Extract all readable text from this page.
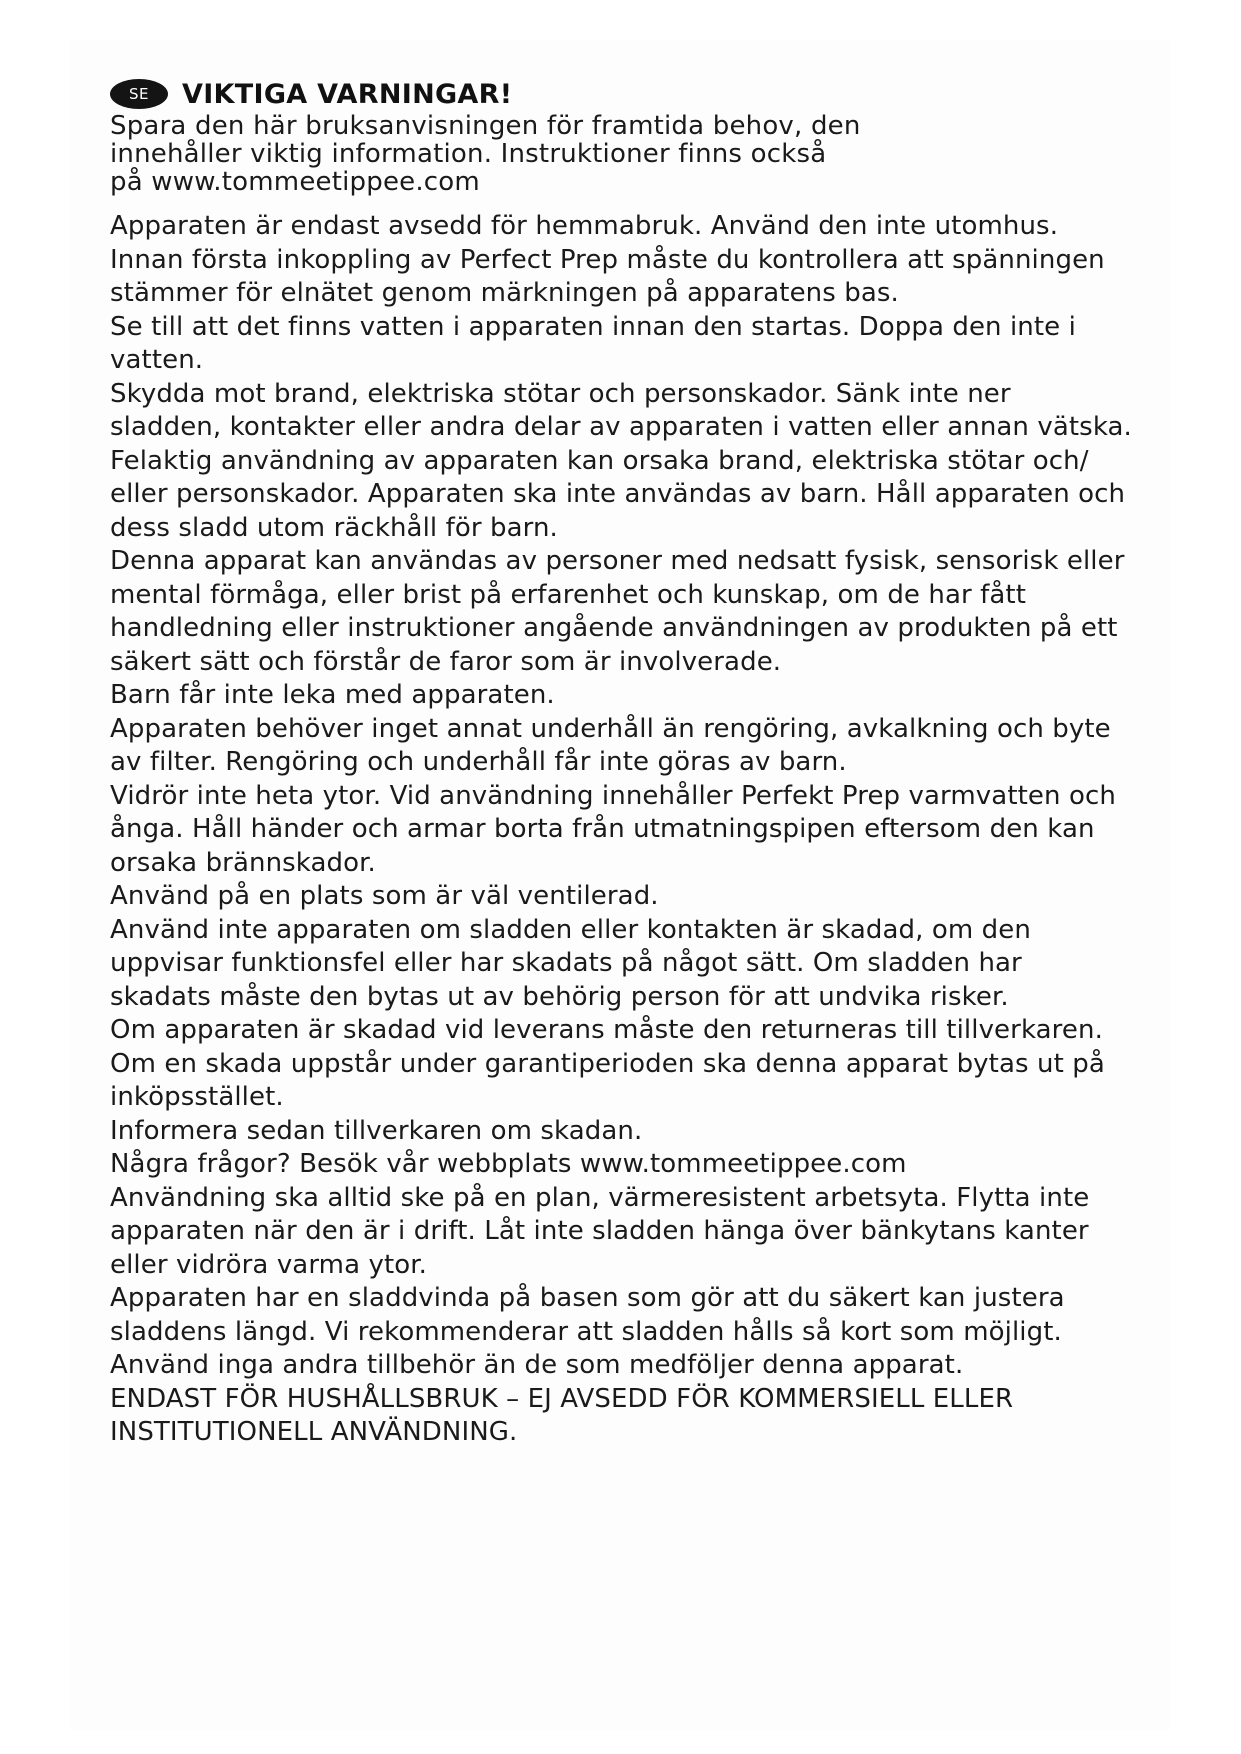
SE	VIKTIGA VARNINGAR!
Spara den här bruksanvisningen för framtida behov, den
innehåller viktig information. Instruktioner finns också
på www.tommeetippee.com
Apparaten är endast avsedd för hemmabruk. Använd den inte utomhus.
Innan första inkoppling av Perfect Prep måste du kontrollera att spänningen
stämmer för elnätet genom märkningen på apparatens bas.
Se till att det finns vatten i apparaten innan den startas. Doppa den inte i
vatten.
Skydda mot brand, elektriska stötar och personskador. Sänk inte ner
sladden, kontakter eller andra delar av apparaten i vatten eller annan vätska.
Felaktig användning av apparaten kan orsaka brand, elektriska stötar och/
eller personskador. Apparaten ska inte användas av barn. Håll apparaten och
dess sladd utom räckhåll för barn.
Denna apparat kan användas av personer med nedsatt fysisk, sensorisk eller
mental förmåga, eller brist på erfarenhet och kunskap, om de har fått
handledning eller instruktioner angående användningen av produkten på ett
säkert sätt och förstår de faror som är involverade.
Barn får inte leka med apparaten.
Apparaten behöver inget annat underhåll än rengöring, avkalkning och byte
av filter. Rengöring och underhåll får inte göras av barn.
Vidrör inte heta ytor. Vid användning innehåller Perfekt Prep varmvatten och
ånga. Håll händer och armar borta från utmatningspipen eftersom den kan
orsaka brännskador.
Använd på en plats som är väl ventilerad.
Använd inte apparaten om sladden eller kontakten är skadad, om den
uppvisar funktionsfel eller har skadats på något sätt. Om sladden har
skadats måste den bytas ut av behörig person för att undvika risker.
Om apparaten är skadad vid leverans måste den returneras till tillverkaren.
Om en skada uppstår under garantiperioden ska denna apparat bytas ut på
inköpsstället.
Informera sedan tillverkaren om skadan.
Några frågor? Besök vår webbplats www.tommeetippee.com
Användning ska alltid ske på en plan, värmeresistent arbetsyta. Flytta inte
apparaten när den är i drift. Låt inte sladden hänga över bänkytans kanter
eller vidröra varma ytor.
Apparaten har en sladdvinda på basen som gör att du säkert kan justera
sladdens längd. Vi rekommenderar att sladden hålls så kort som möjligt.
Använd inga andra tillbehör än de som medföljer denna apparat.
ENDAST FÖR HUSHÅLLSBRUK – EJ AVSEDD FÖR KOMMERSIELL ELLER
INSTITUTIONELL ANVÄNDNING.
